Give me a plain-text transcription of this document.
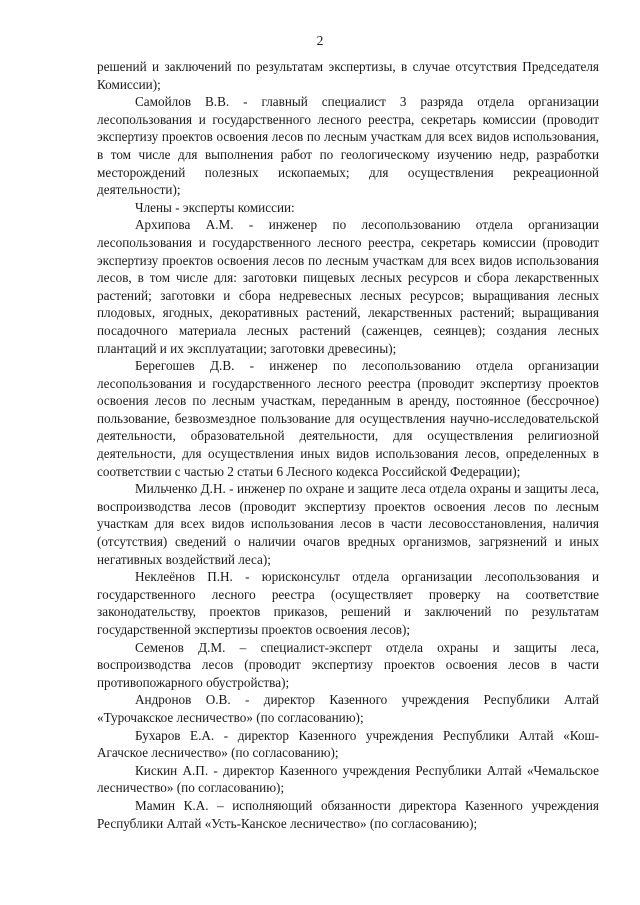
2

решений и заключений по результатам экспертизы, в случае отсутствия Председателя Комиссии);

Самойлов В.В. - главный специалист 3 разряда отдела организации лесопользования и государственного лесного реестра, секретарь комиссии (проводит экспертизу проектов освоения лесов по лесным участкам для всех видов использования, в том числе для выполнения работ по геологическому изучению недр, разработки месторождений полезных ископаемых; для осуществления рекреационной деятельности);

Члены - эксперты комиссии:

Архипова А.М. - инженер по лесопользованию отдела организации лесопользования и государственного лесного реестра, секретарь комиссии (проводит экспертизу проектов освоения лесов по лесным участкам для всех видов использования лесов, в том числе для: заготовки пищевых лесных ресурсов и сбора лекарственных растений; заготовки и сбора недревесных лесных ресурсов; выращивания лесных плодовых, ягодных, декоративных растений, лекарственных растений; выращивания посадочного материала лесных растений (саженцев, сеянцев); создания лесных плантаций и их эксплуатации; заготовки древесины);

Берегошев Д.В. - инженер по лесопользованию отдела организации лесопользования и государственного лесного реестра (проводит экспертизу проектов освоения лесов по лесным участкам, переданным в аренду, постоянное (бессрочное) пользование, безвозмездное пользование для осуществления научно-исследовательской деятельности, образовательной деятельности, для осуществления религиозной деятельности, для осуществления иных видов использования лесов, определенных в соответствии с частью 2 статьи 6 Лесного кодекса Российской Федерации);

Мильченко Д.Н. - инженер по охране и защите леса отдела охраны и защиты леса, воспроизводства лесов (проводит экспертизу проектов освоения лесов по лесным участкам для всех видов использования лесов в части лесовосстановления, наличия (отсутствия) сведений о наличии очагов вредных организмов, загрязнений и иных негативных воздействий леса);

Неклеёнов П.Н. - юрисконсульт отдела организации лесопользования и государственного лесного реестра (осуществляет проверку на соответствие законодательству, проектов приказов, решений и заключений по результатам государственной экспертизы проектов освоения лесов);

Семенов Д.М. – специалист-эксперт отдела охраны и защиты леса, воспроизводства лесов (проводит экспертизу проектов освоения лесов в части противопожарного обустройства);

Андронов О.В. - директор Казенного учреждения Республики Алтай «Турочакское лесничество» (по согласованию);

Бухаров Е.А. - директор Казенного учреждения Республики Алтай «Кош-Агачское лесничество» (по согласованию);

Кискин А.П. - директор Казенного учреждения Республики Алтай «Чемальское лесничество» (по согласованию);

Мамин К.А. – исполняющий обязанности директора Казенного учреждения Республики Алтай «Усть-Канское лесничество» (по согласованию);
